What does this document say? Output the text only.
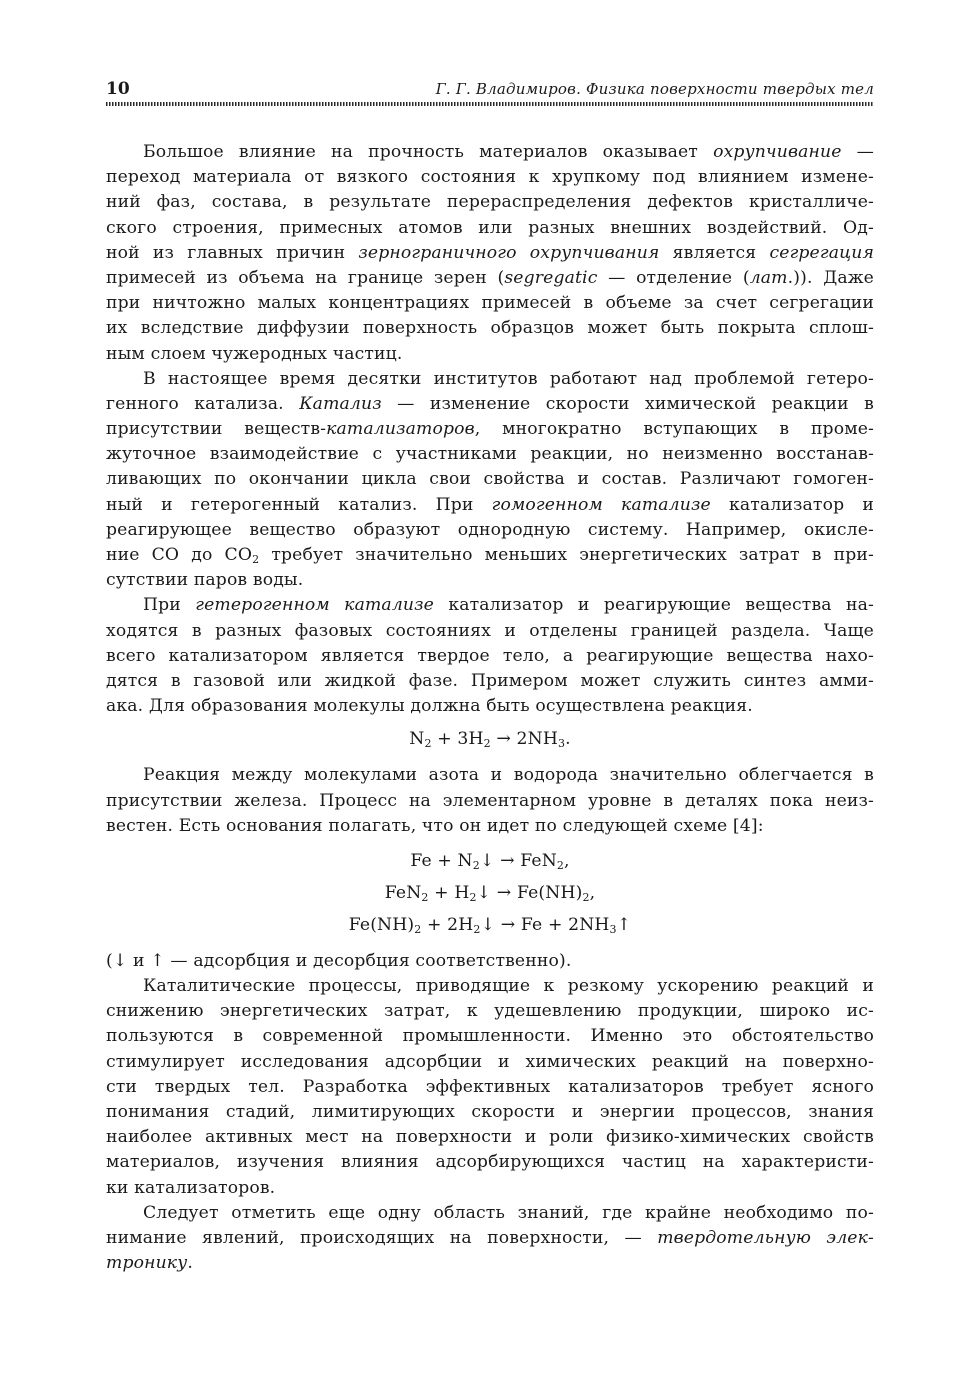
10	Г. Г. Владимиров. Физика поверхности твердых тел
Большое влияние на прочность материалов оказывает охрупчивание —
переход материала от вязкого состояния к хрупкому под влиянием измене-
ний фаз, состава, в результате перераспределения дефектов кристалличе-
ского строения, примесных атомов или разных внешних воздействий. Од-
ной из главных причин зернограничного охрупчивания является сегрегация
примесей из объема на границе зерен (segregatic — отделение (лат.)). Даже
при ничтожно малых концентрациях примесей в объеме за счет сегрегации
их вследствие диффузии поверхность образцов может быть покрыта сплош-
ным слоем чужеродных частиц.
В настоящее время десятки институтов работают над проблемой гетеро-
генного катализа. Катализ — изменение скорости химической реакции в
присутствии веществ-катализаторов, многократно вступающих в проме-
жуточное взаимодействие с участниками реакции, но неизменно восстанав-
ливающих по окончании цикла свои свойства и состав. Различают гомоген-
ный и гетерогенный катализ. При гомогенном катализе катализатор и
реагирующее вещество образуют однородную систему. Например, окисле-
ние CO до $CO_2$ требует значительно меньших энергетических затрат в при-
сутствии паров воды.
При гетерогенном катализе катализатор и реагирующие вещества на-
ходятся в разных фазовых состояниях и отделены границей раздела. Чаще
всего катализатором является твердое тело, а реагирующие вещества нахо-
дятся в газовой или жидкой фазе. Примером может служить синтез амми-
ака. Для образования молекулы должна быть осуществлена реакция.
$N_2 + 3H_2 \to 2NH_3$.
Реакция между молекулами азота и водорода значительно облегчается в
присутствии железа. Процесс на элементарном уровне в деталях пока неиз-
вестен. Есть основания полагать, что он идет по следующей схеме [4]:
$Fe + N_2↓ \to FeN_2$,
$FeN_2 + H_2↓ \to Fe(NH)_2$,
$Fe(NH)_2$ + $2H_2↓ \to Fe$ + $2NH_3↑$
(↓ и ↑ — адсорбция и десорбция соответственно).
Каталитические процессы, приводящие к резкому ускорению реакций и
снижению энергетических затрат, к удешевлению продукции, широко ис-
пользуются в современной промышленности. Именно это обстоятельство
стимулирует исследования адсорбции и химических реакций на поверхно-
сти твердых тел. Разработка эффективных катализаторов требует ясного
понимания стадий, лимитирующих скорости и энергии процессов, знания
наиболее активных мест на поверхности и роли физико-химических свойств
материалов, изучения влияния адсорбирующихся частиц на характеристи-
ки катализаторов.
Следует отметить еще одну область знаний, где крайне необходимо по-
нимание явлений, происходящих на поверхности, — твердотельную элек-
тронику.
